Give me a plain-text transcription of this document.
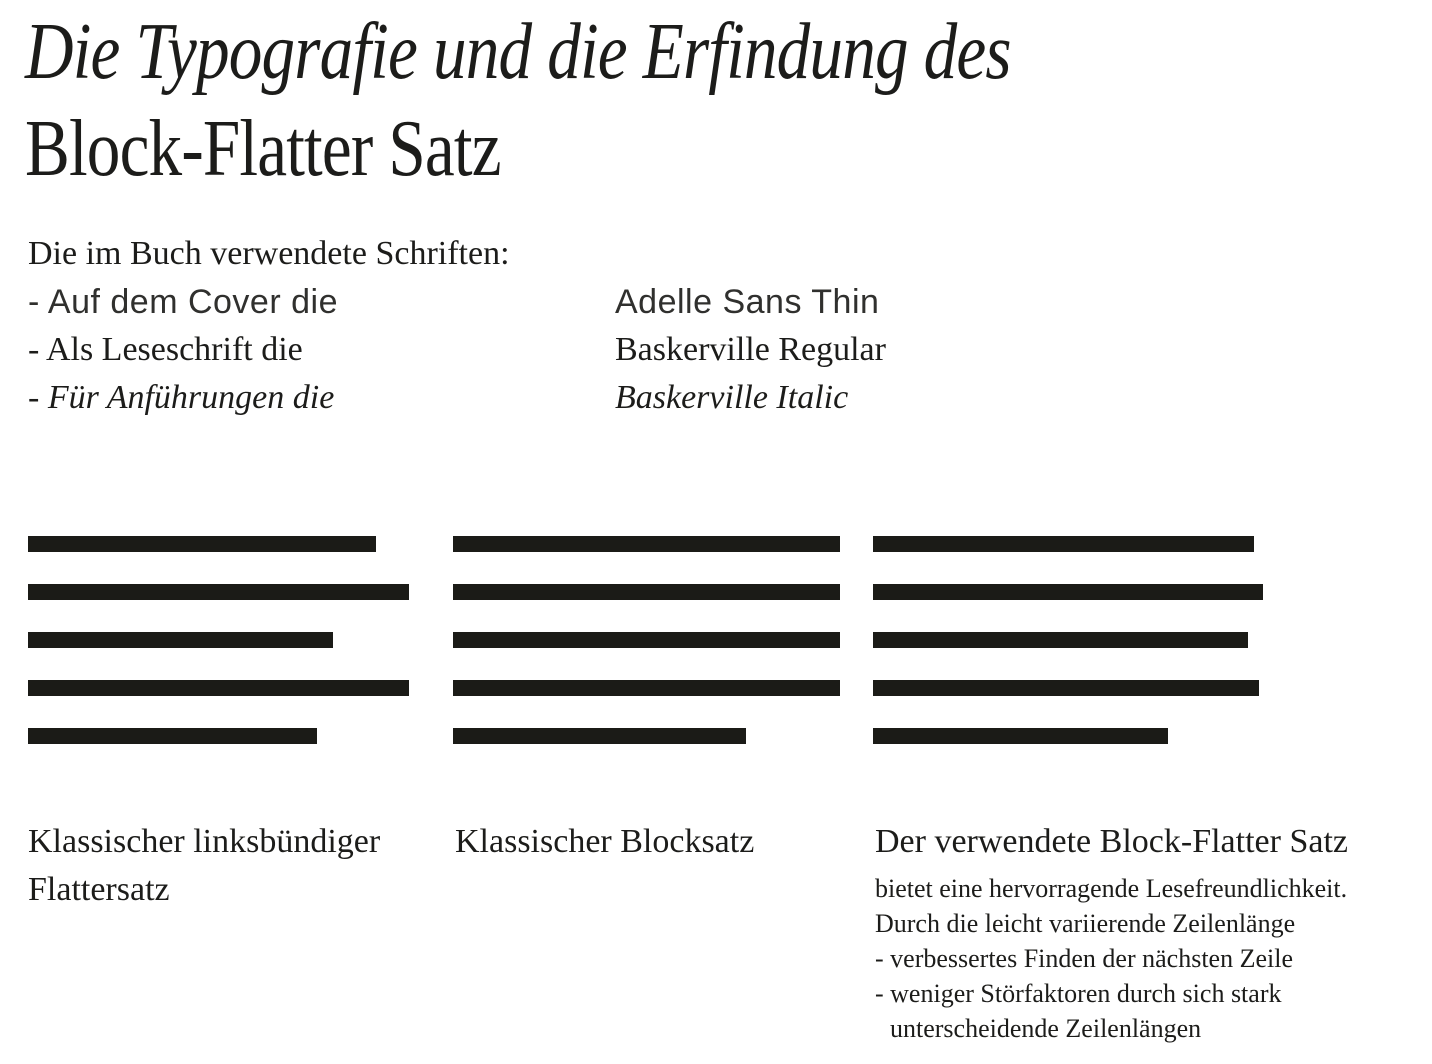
Die Typografie und die Erfindung des
Block-Flatter Satz
Die im Buch verwendete Schriften:
- Auf dem Cover die	Adelle Sans Thin
- Als Leseschrift die	Baskerville Regular
- Für Anführungen die	Baskerville Italic
Klassischer linksbündiger Flattersatz
Klassischer Blocksatz	Der verwendete Block-Flatter Satz
bietet eine hervorragende Lesefreundlichkeit.
Durch die leicht variierende Zeilenlänge
- verbessertes Finden der nächsten Zeile
- weniger Störfaktoren durch sich stark
unterscheidende Zeilenlängen
